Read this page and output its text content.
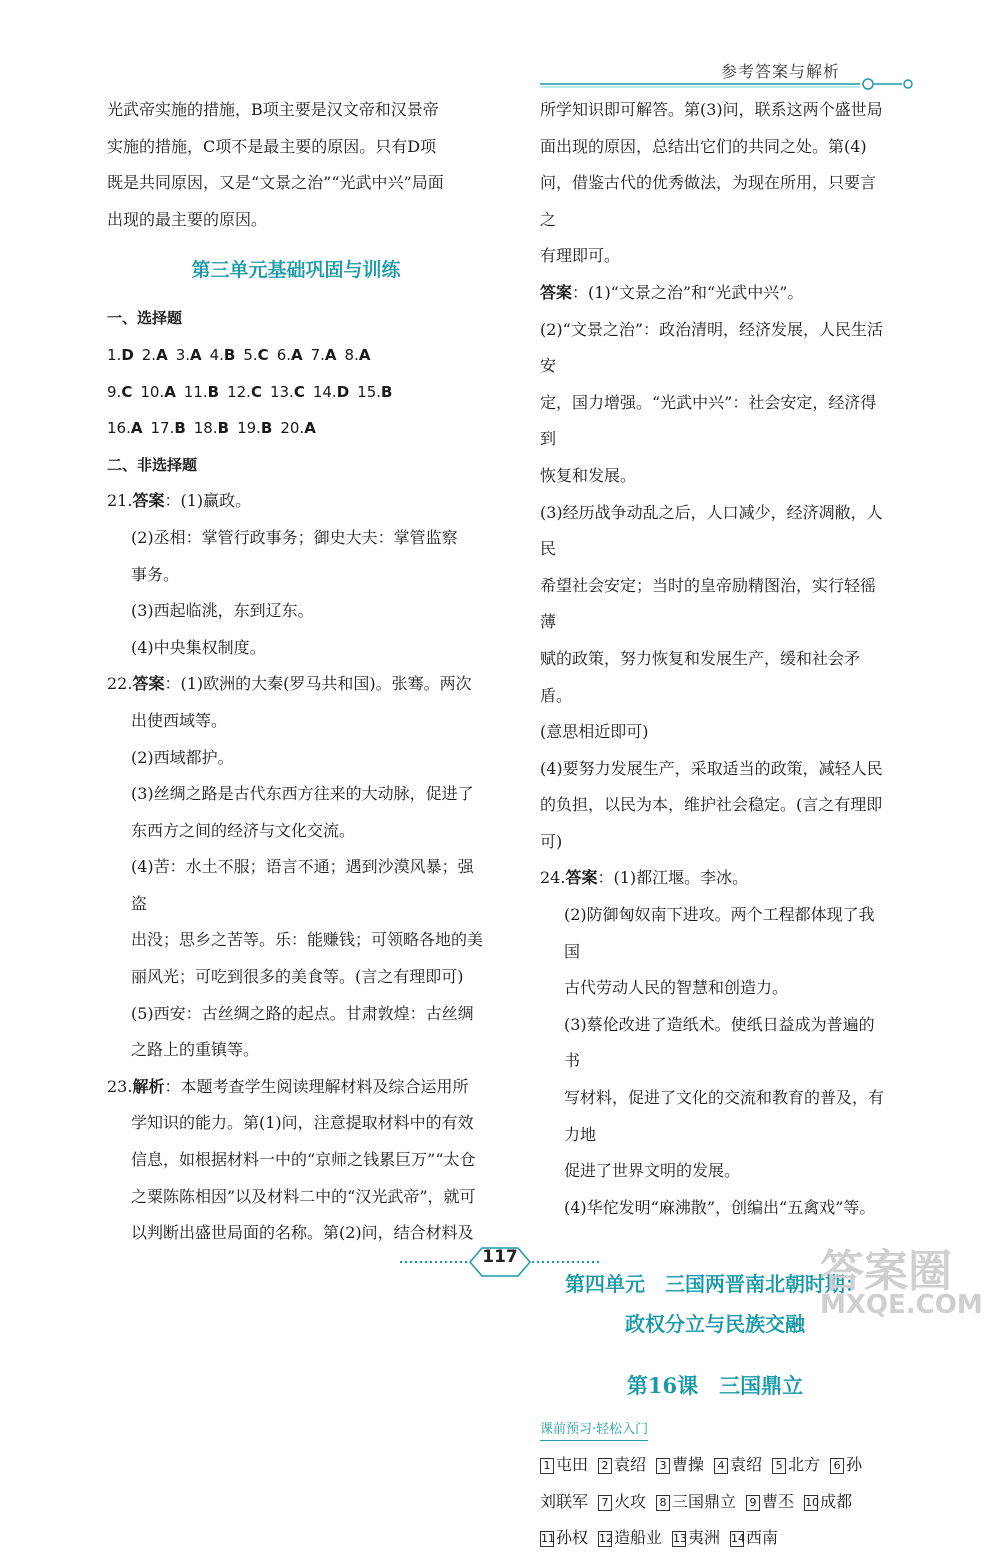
参考答案与解析

光武帝实施的措施，B项主要是汉文帝和汉景帝

实施的措施，C项不是最主要的原因。只有D项

既是共同原因，又是“文景之治”“光武中兴”局面

出现的最主要的原因。

第三单元基础巩固与训练
一、选择题
1.D 2.A 3.A 4.B 5.C 6.A 7.A 8.A
9.C 10.A 11.B 12.C 13.C 14.D 15.B
16.A 17.B 18.B 19.B 20.A
二、非选择题

21.答案：(1)赢政。

(2)丞相：掌管行政事务；御史大夫：掌管监察

事务。

(3)西起临洮，东到辽东。

(4)中央集权制度。

22.答案：(1)欧洲的大秦(罗马共和国)。张骞。两次

出使西域等。

(2)西域都护。

(3)丝绸之路是古代东西方往来的大动脉，促进了

东西方之间的经济与文化交流。

(4)苦：水土不服；语言不通；遇到沙漠风暴；强盗

出没；思乡之苦等。乐：能赚钱；可领略各地的美

丽风光；可吃到很多的美食等。(言之有理即可)

(5)西安：古丝绸之路的起点。甘肃敦煌：古丝绸

之路上的重镇等。

23.解析：本题考查学生阅读理解材料及综合运用所

学知识的能力。第(1)问，注意提取材料中的有效

信息，如根据材料一中的“京师之钱累巨万”“太仓

之粟陈陈相因”以及材料二中的“汉光武帝”，就可

以判断出盛世局面的名称。第(2)问，结合材料及

所学知识即可解答。第(3)问，联系这两个盛世局

面出现的原因，总结出它们的共同之处。第(4)

问，借鉴古代的优秀做法，为现在所用，只要言之

有理即可。

答案：(1)“文景之治”和“光武中兴”。

(2)“文景之治”：政治清明，经济发展，人民生活安

定，国力增强。“光武中兴”：社会安定，经济得到

恢复和发展。

(3)经历战争动乱之后，人口减少，经济凋敝，人民

希望社会安定；当时的皇帝励精图治，实行轻徭薄

赋的政策，努力恢复和发展生产，缓和社会矛盾。

(意思相近即可)

(4)要努力发展生产，采取适当的政策，减轻人民

的负担，以民为本，维护社会稳定。(言之有理即

可)

24.答案：(1)都江堰。李冰。

(2)防御匈奴南下进攻。两个工程都体现了我国

古代劳动人民的智慧和创造力。

(3)蔡伦改进了造纸术。使纸日益成为普遍的书

写材料，促进了文化的交流和教育的普及，有力地

促进了世界文明的发展。

(4)华佗发明“麻沸散”，创编出“五禽戏”等。

第四单元　三国两晋南北朝时期：
政权分立与民族交融
第16课　三国鼎立
课前预习·轻松入门
1 屯田 2 袁绍 3 曹操 4 袁绍 5 北方 6 孙
刘联军 7 火攻 8 三国鼎立 9 曹丕 10成都
11孙权 12造船业 13夷洲 14西南
117	答案圈
MXQE.COM
